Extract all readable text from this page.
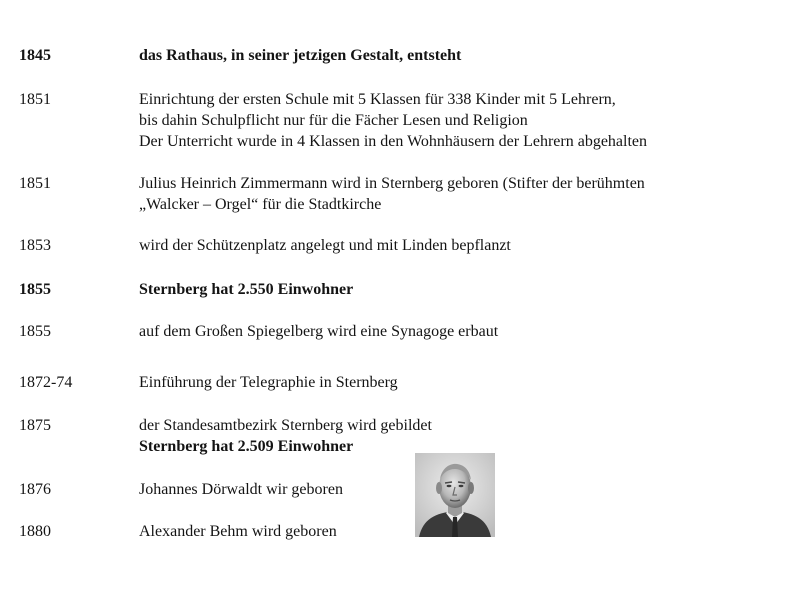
1845	das Rathaus, in seiner jetzigen Gestalt, entsteht
1851	Einrichtung der ersten Schule mit 5 Klassen für 338 Kinder mit 5 Lehrern,
bis dahin Schulpflicht nur für die Fächer Lesen und Religion
Der Unterricht wurde in 4 Klassen in den Wohnhäusern der Lehrern abgehalten
1851	Julius Heinrich Zimmermann wird in Sternberg geboren (Stifter der berühmten
„Walcker – Orgel“ für die Stadtkirche
1853	wird der Schützenplatz angelegt und mit Linden bepflanzt
1855	Sternberg hat 2.550 Einwohner
1855	auf dem Großen Spiegelberg wird eine Synagoge erbaut
1872-74	Einführung der Telegraphie in Sternberg
1875	der Standesamtbezirk Sternberg wird gebildet
Sternberg hat 2.509 Einwohner
1876	Johannes Dörwaldt wir geboren
1880	Alexander Behm wird geboren
